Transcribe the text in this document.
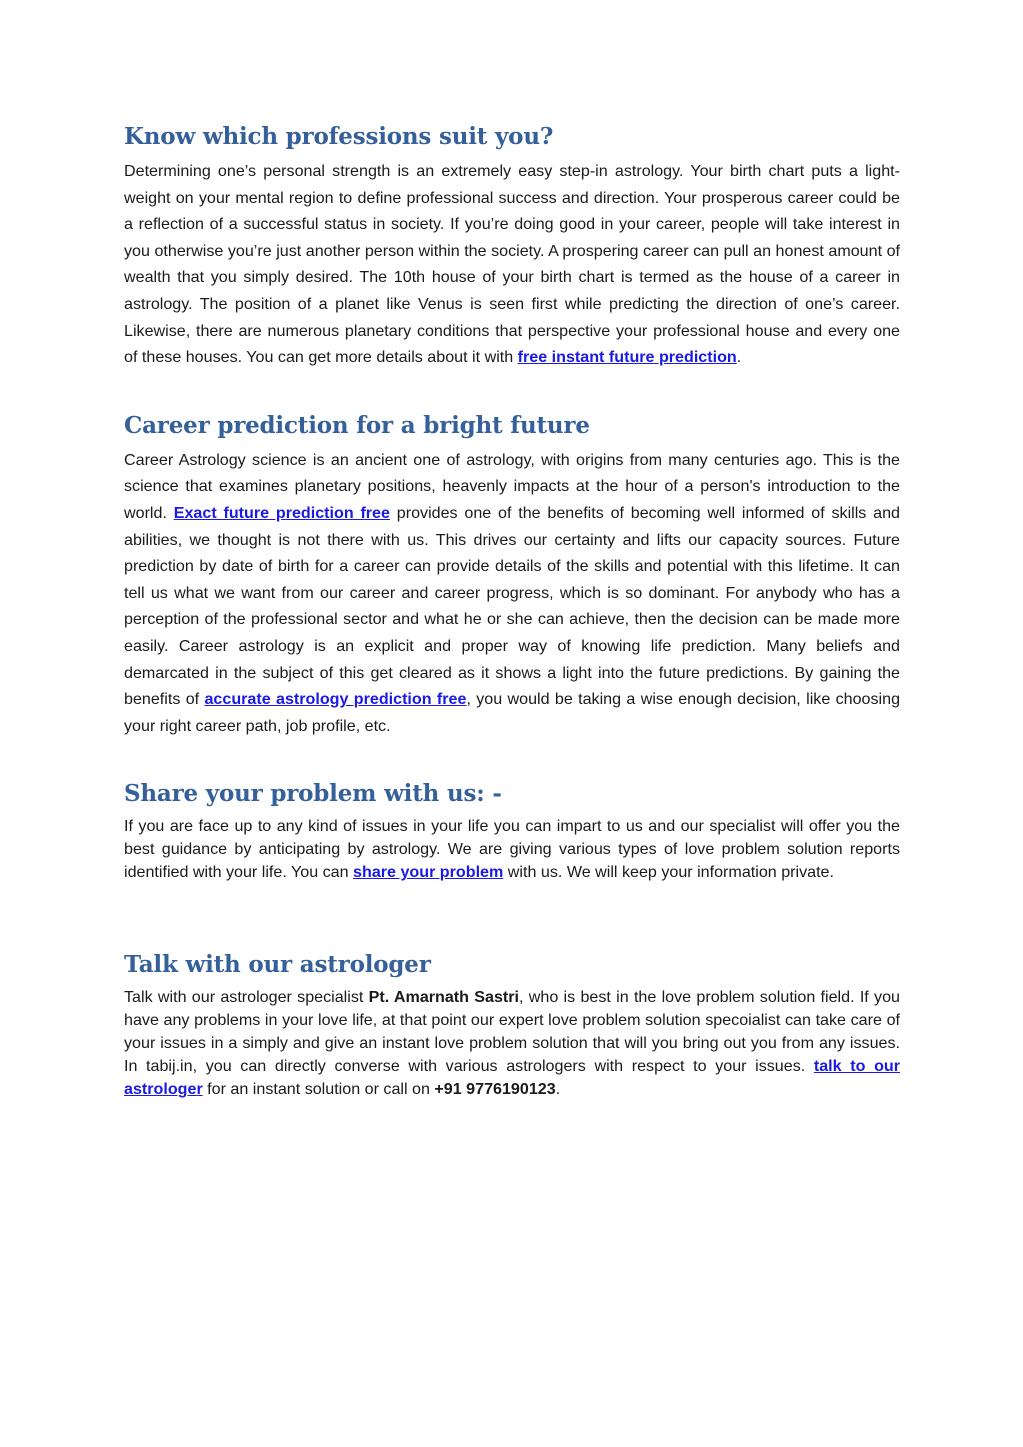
Know which professions suit you?

Determining one’s personal strength is an extremely easy step-in astrology. Your birth chart puts a light-weight on your mental region to define professional success and direction. Your prosperous career could be a reflection of a successful status in society. If you’re doing good in your career, people will take interest in you otherwise you’re just another person within the society. A prospering career can pull an honest amount of wealth that you simply desired. The 10th house of your birth chart is termed as the house of a career in astrology. The position of a planet like Venus is seen first while predicting the direction of one’s career. Likewise, there are numerous planetary conditions that perspective your professional house and every one of these houses. You can get more details about it with free instant future prediction.

Career prediction for a bright future

Career Astrology science is an ancient one of astrology, with origins from many centuries ago. This is the science that examines planetary positions, heavenly impacts at the hour of a person's introduction to the world. Exact future prediction free provides one of the benefits of becoming well informed of skills and abilities, we thought is not there with us. This drives our certainty and lifts our capacity sources. Future prediction by date of birth for a career can provide details of the skills and potential with this lifetime. It can tell us what we want from our career and career progress, which is so dominant. For anybody who has a perception of the professional sector and what he or she can achieve, then the decision can be made more easily. Career astrology is an explicit and proper way of knowing life prediction. Many beliefs and demarcated in the subject of this get cleared as it shows a light into the future predictions. By gaining the benefits of accurate astrology prediction free, you would be taking a wise enough decision, like choosing your right career path, job profile, etc.

Share your problem with us: -

If you are face up to any kind of issues in your life you can impart to us and our specialist will offer you the best guidance by anticipating by astrology. We are giving various types of love problem solution reports identified with your life. You can share your problem with us. We will keep your information private.

Talk with our astrologer

Talk with our astrologer specialist Pt. Amarnath Sastri, who is best in the love problem solution field. If you have any problems in your love life, at that point our expert love problem solution specoialist can take care of your issues in a simply and give an instant love problem solution that will you bring out you from any issues. In tabij.in, you can directly converse with various astrologers with respect to your issues. talk to our astrologer for an instant solution or call on +91 9776190123.
